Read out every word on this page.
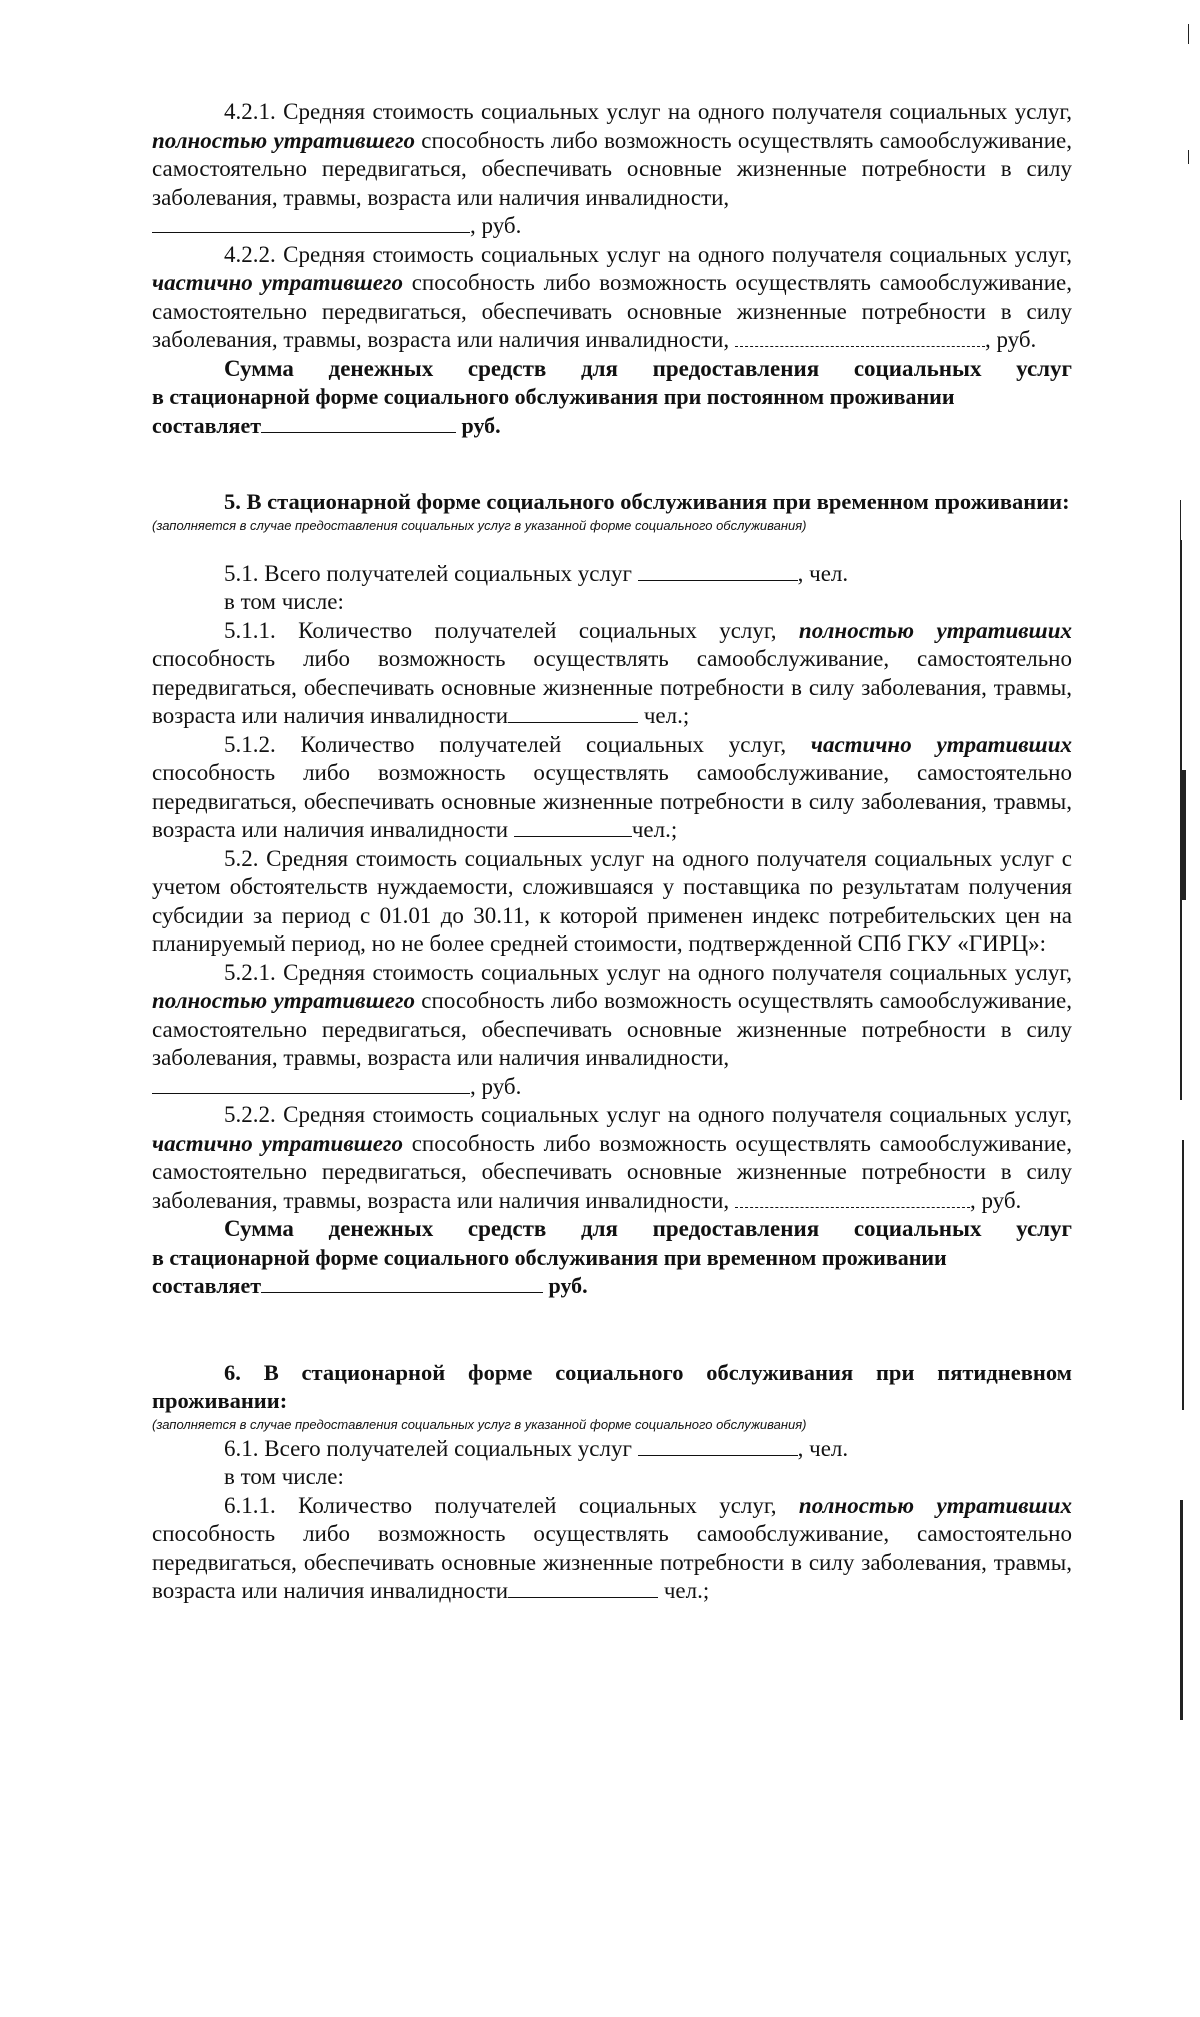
4.2.1. Средняя стоимость социальных услуг на одного получателя социальных услуг, полностью утратившего способность либо возможность осуществлять самообслуживание, самостоятельно передвигаться, обеспечивать основные жизненные потребности в силу заболевания, травмы, возраста или наличия инвалидности,

, руб.

4.2.2. Средняя стоимость социальных услуг на одного получателя социальных услуг, частично утратившего способность либо возможность осуществлять самообслуживание, самостоятельно передвигаться, обеспечивать основные жизненные потребности в силу заболевания, травмы, возраста или наличия инвалидности,	, руб.

Сумма денежных средств для предоставления социальных услуг

в стационарной форме социального обслуживания при постоянном проживании

составляет	руб.

5. В стационарной форме социального обслуживания при временном проживании:

(заполняется в случае предоставления социальных услуг в указанной форме социального обслуживания)

5.1. Всего получателей социальных услуг	, чел.

в том числе:

5.1.1. Количество получателей социальных услуг, полностью утративших способность либо возможность осуществлять самообслуживание, самостоятельно передвигаться, обеспечивать основные жизненные потребности в силу заболевания, травмы, возраста или наличия инвалидности	чел.;

5.1.2. Количество получателей социальных услуг, частично утративших способность либо возможность осуществлять самообслуживание, самостоятельно передвигаться, обеспечивать основные жизненные потребности в силу заболевания, травмы, возраста или наличия инвалидности	чел.;

5.2. Средняя стоимость социальных услуг на одного получателя социальных услуг с учетом обстоятельств нуждаемости, сложившаяся у поставщика по результатам получения субсидии за период с 01.01 до 30.11, к которой применен индекс потребительских цен на планируемый период, но не более средней стоимости, подтвержденной СПб ГКУ «ГИРЦ»:

5.2.1. Средняя стоимость социальных услуг на одного получателя социальных услуг, полностью утратившего способность либо возможность осуществлять самообслуживание, самостоятельно передвигаться, обеспечивать основные жизненные потребности в силу заболевания, травмы, возраста или наличия инвалидности,

, руб.

5.2.2. Средняя стоимость социальных услуг на одного получателя социальных услуг, частично утратившего способность либо возможность осуществлять самообслуживание, самостоятельно передвигаться, обеспечивать основные жизненные потребности в силу заболевания, травмы, возраста или наличия инвалидности,	, руб.

Сумма денежных средств для предоставления социальных услуг

в стационарной форме социального обслуживания при временном проживании

составляет	руб.

6. В стационарной форме социального обслуживания при пятидневном проживании:

(заполняется в случае предоставления социальных услуг в указанной форме социального обслуживания)

6.1. Всего получателей социальных услуг	, чел.

в том числе:

6.1.1. Количество получателей социальных услуг, полностью утративших способность либо возможность осуществлять самообслуживание, самостоятельно передвигаться, обеспечивать основные жизненные потребности в силу заболевания, травмы, возраста или наличия инвалидности	чел.;
